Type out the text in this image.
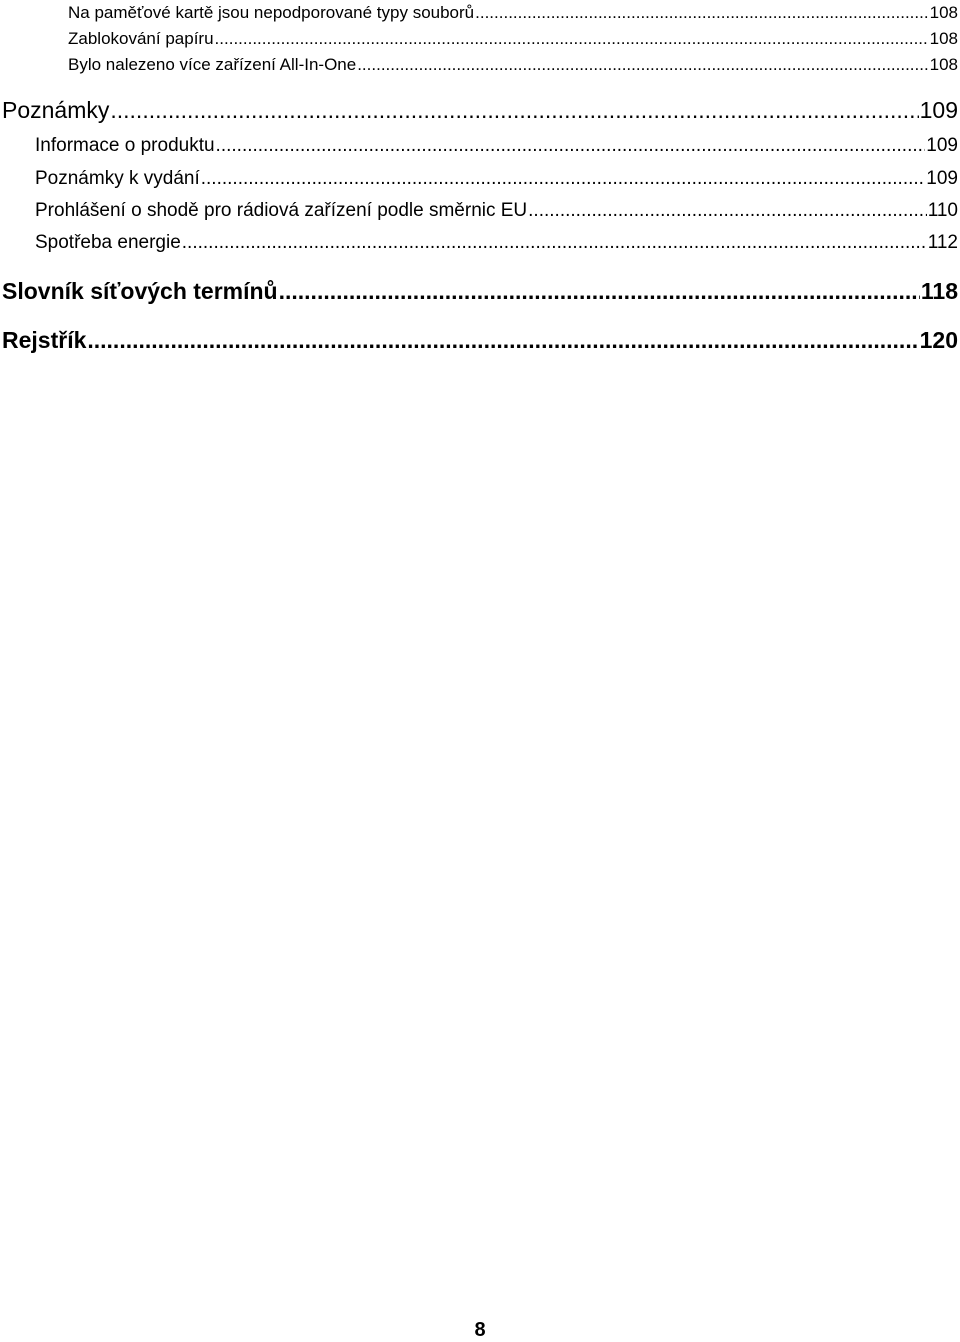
Na paměťové kartě jsou nepodporované typy souborů .....	108
Zablokování papíru .....	108
Bylo nalezeno více zařízení All-In-One .....	108
Poznámky .....	109
Informace o produktu .....	109
Poznámky k vydání .....	109
Prohlášení o shodě pro rádiová zařízení podle směrnic EU .....	110
Spotřeba energie .....	112
Slovník síťových termínů .....	118
Rejstřík .....	120
8
